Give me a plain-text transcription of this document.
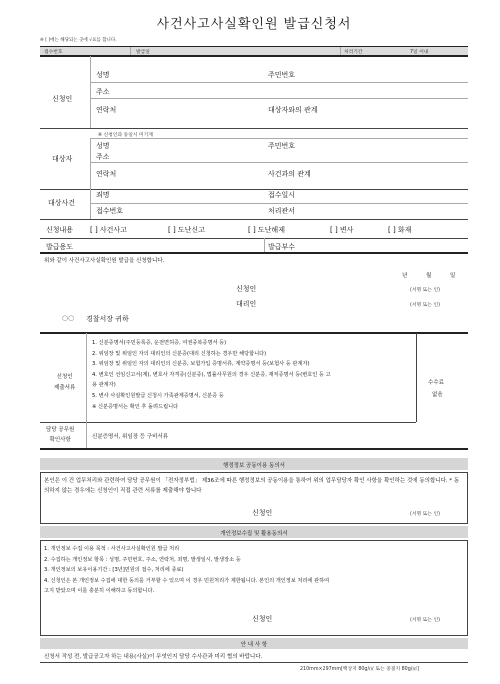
사건사고사실확인원 발급신청서
※ [ ]에는 해당되는 곳에 √표를 합니다.
접수번호	발급일	처리기간	7일 이내
신청인
성명	주민번호
주소
연락처	대상자와의 관계
※ 신청인과 동일시 미기재
대상자
성명	주민번호
주소
연락처	사건과의 관계
대상사건
죄명	접수일시
접수번호	처리관서
신청내용 [ ] 사건사고	[ ] 도난신고	[ ] 도난해제	[ ] 변사	[ ] 화재
발급용도	발급부수
위와 같이 사건사고사실확인원 발급을 신청합니다.
년	월	일
신청인	(서명 또는 인)
대리인	(서명 또는 인)
○○ 경찰서장 귀하
신청인
제출서류
1. 신분증명서(주민등록증, 운전면허증, 여권중복증명서 등)
2. 위임장 및 위임인 자의 대리인의 신분증(대리 신청하는 경우만 해당합니다)
3. 위임장 및 위임인 자의 대리인의 신분증, 보험가입 증명서류, 계약증명서 등(보험사 등 관계자)
4. 변호인 선임신고서(계), 변호사 자격증(신분증), 법률사무원의 경우 신분증, 재직증명서 등(변호인 등 고
용 관계자)
5. 변사 사실확인원발급 신청시 가족관계증명서, 신분증 등
※ 신분증명서는 확인 후 돌려드립니다
수수료
없음
담당 공무원
확인사항	신분증명서, 위임장 등 구비서류
행정정보 공동이용 동의서
본인은 이 건 업무처리와 관련하여 담당 공무원이 「전자정부법」 제36조에 따른 행정정보의 공동이용을 통하여 위의 업무담당자 확인 사항을 확인하는 것에 동의합니다. * 동의하지 않는 경우에는 신청인이 직접 관련 서류를 제출해야 합니다
신청인	(서명 또는 인)
개인정보수집 및 활용동의서
1. 개인정보 수집 이용 목적 : 사건사고사실확인원 발급 처리
2. 수집하는 개인정보 항목 : 성명, 주민번호, 주소, 연락처, 죄명, 발생일시, 발생장소 등
3. 개인정보의 보유이용기간 : [3년]민원의 접수, 처리에 종료)
4. 신청인은 본 개인정보 수집에 대한 동의를 거부할 수 있으며 이 경우 민원처리가 제한됩니다. 본인의 개인정보 처리에 관하여
고지 받았으며 이를 충분히 이해하고 동의합니다.
신청인	(서명 또는 인)
안 내 사 항
신청서 작성 전, 발급공고자 하는 내용(사실)이 무엇인지 담당 수사관과 미리 협의 바랍니다.
210mm×297mm[백상지 80g/㎡ 또는 중질지 80g/㎡]
